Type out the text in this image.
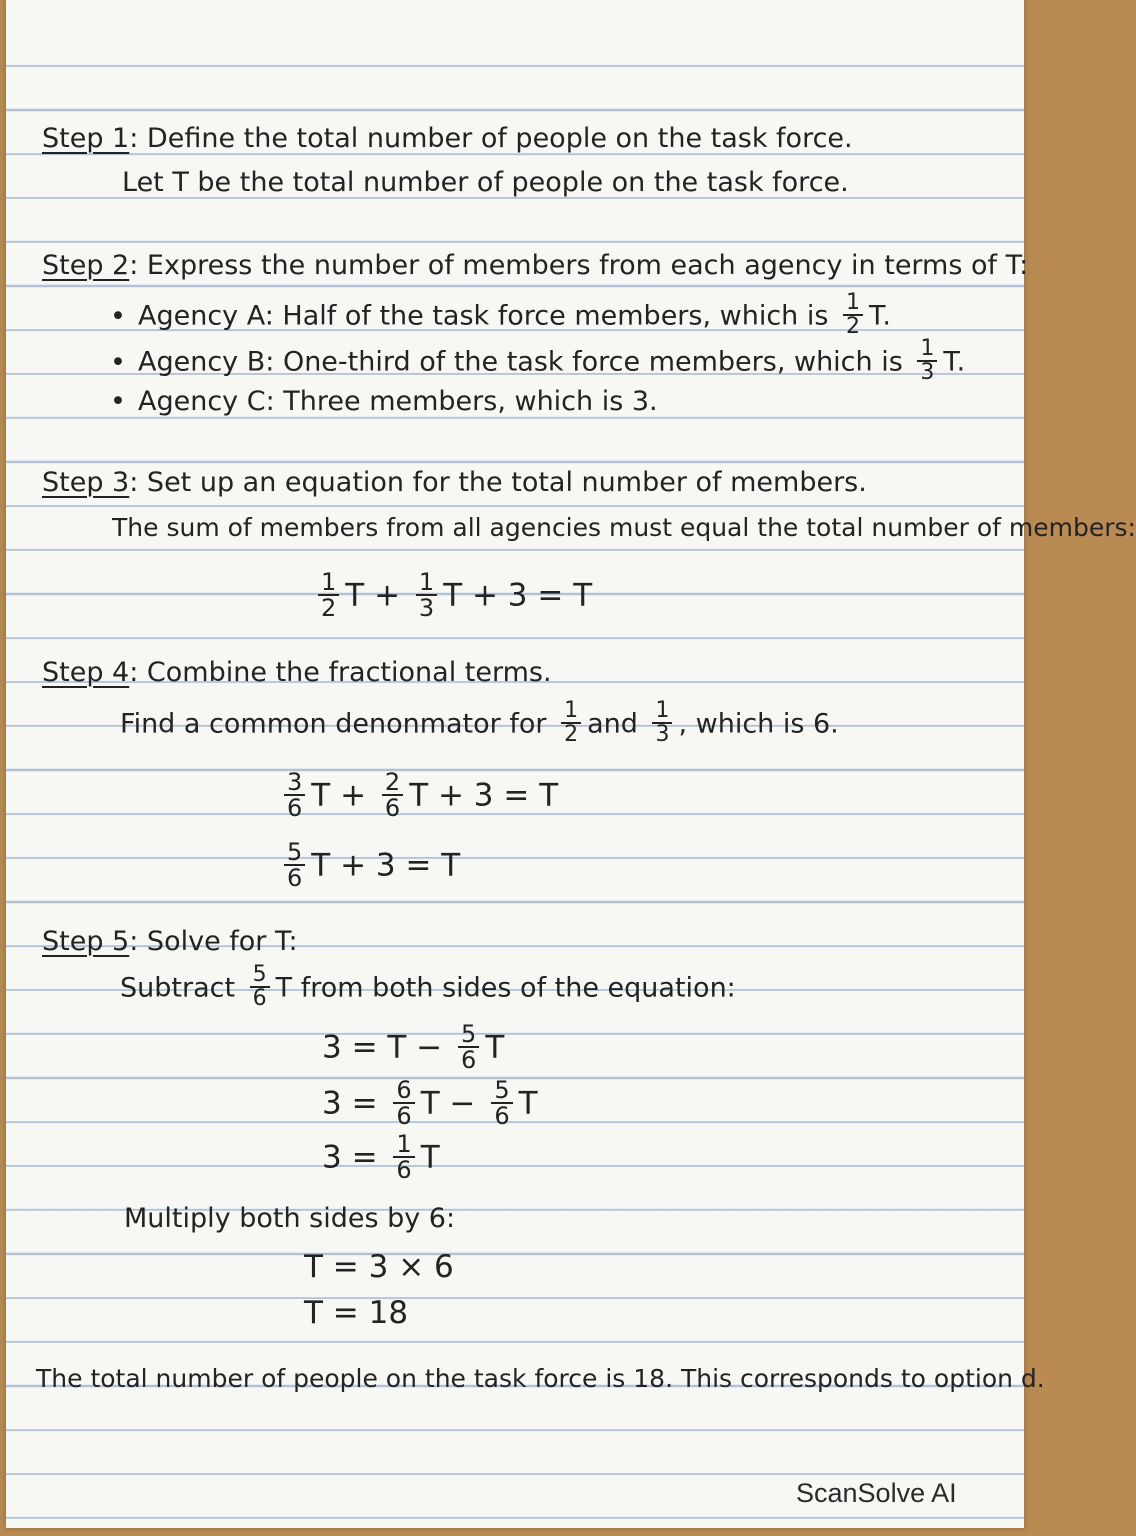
Step 1: Define the total number of people on the task force.
Let T be the total number of people on the task force.
Step 2: Express the number of members from each agency in terms of T:
• Agency A: Half of the task force members, which is $\frac{1}{2} T$.
• Agency B: One-third of the task force members, which is $\frac{1}{3} T$.
• Agency C: Three members, which is 3.
Step 3: Set up an equation for the total number of members.
The sum of members from all agencies must equal the total number of members:
$\frac{1}{2}$ $T + \frac{1}{3}$ T + 3 = T
Step 4: Combine the fractional terms.
Find a common denonmator for $\frac{1}{2}$ and $\frac{1}{3}$ , which is 6.
$\frac{3}{6}$ $T + \frac{2}{6}$ T + 3 = T
$\frac{5}{6}$ T + 3 = T
Step 5: Solve for T:
Subtract $\frac{5}{6}$ T from both sides of the equation:
$3 = T - \frac{5}{6}$ T
$3 = \frac{6}{6}$ $T - \frac{5}{6}$ T
$3 = \frac{1}{6}$ T
Multiply both sides by 6:
T = 3 × 6
T = 18
The total number of people on the task force is 18. This corresponds to option d.
ScanSolve AI
